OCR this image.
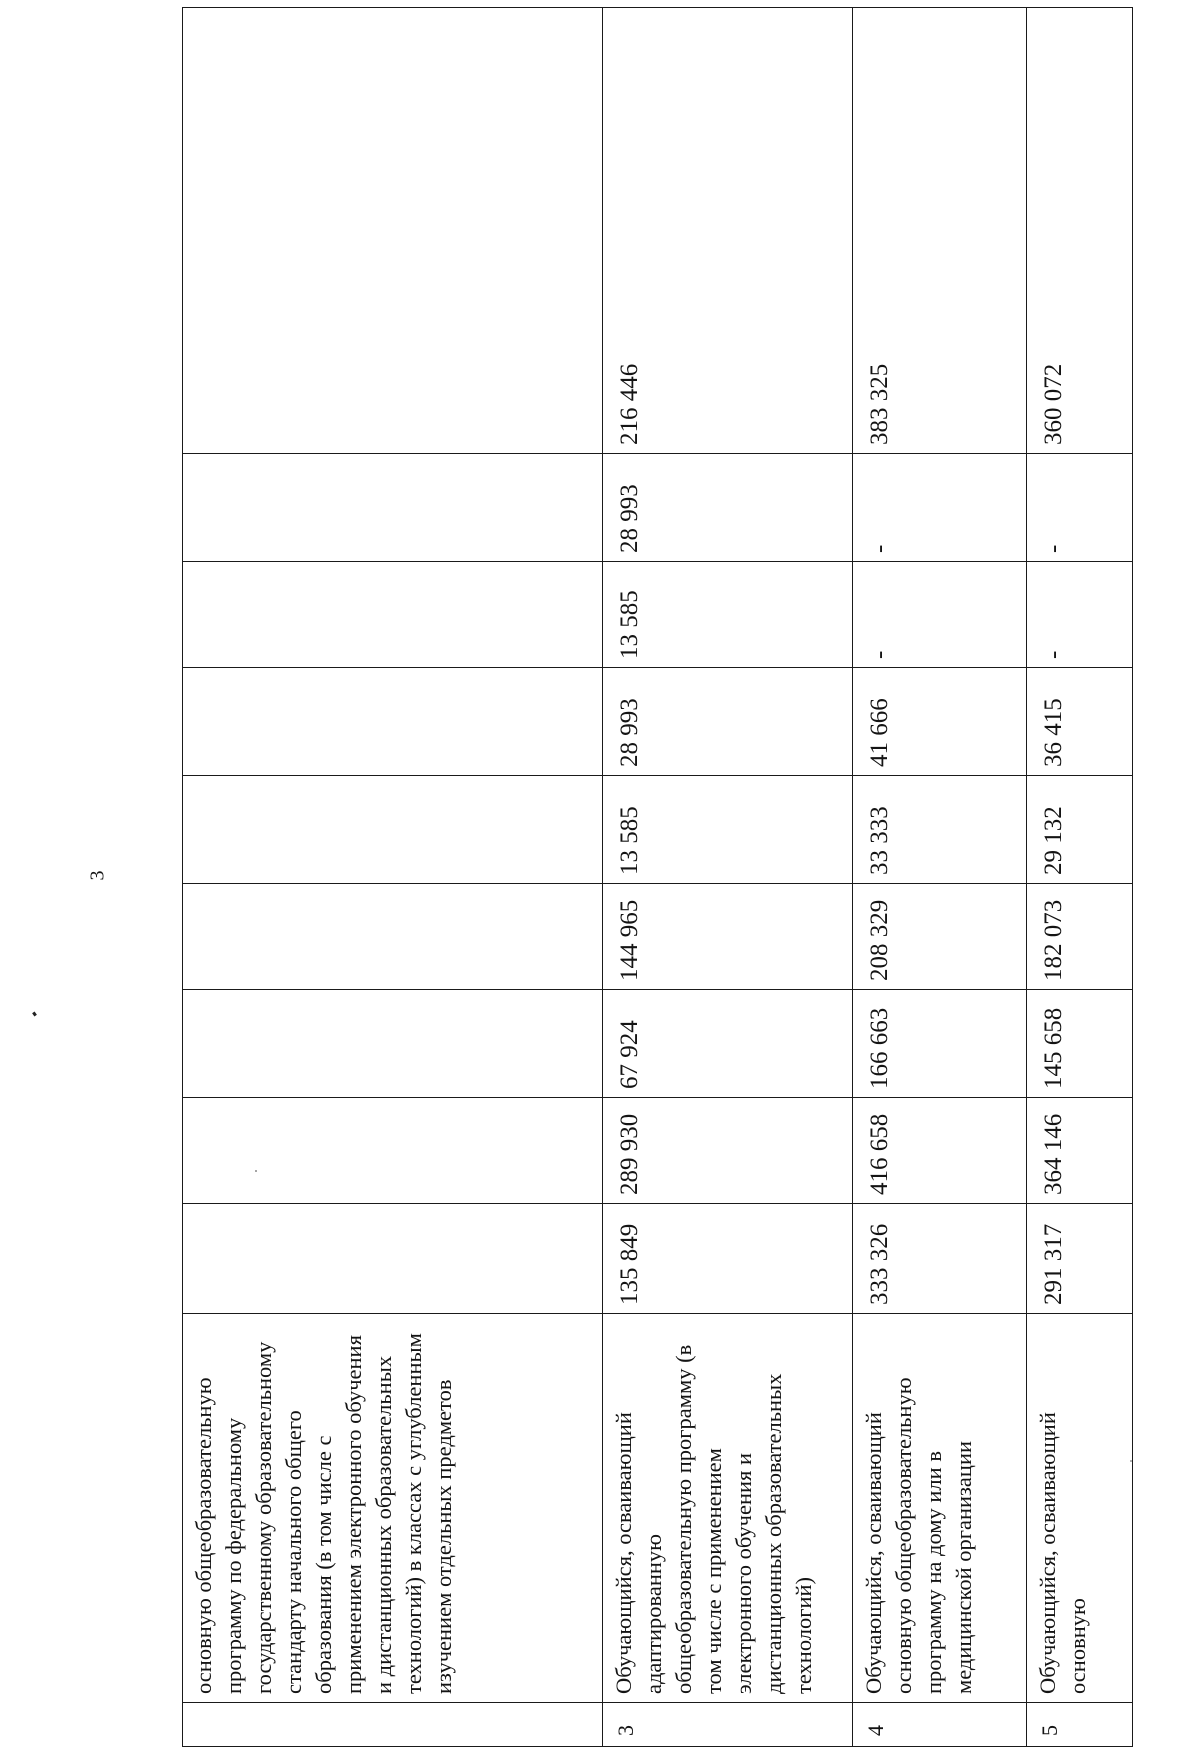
3
	основную общеобразовательную программу по федеральному государственному образовательному стандарту начального общего образования (в том числе с применением электронного обучения и дистанционных образовательных технологий) в классах с углубленным изучением отдельных предметов									
3	Обучающийся, осваивающий адаптированную общеобразовательную программу (в том числе с применением электронного обучения и дистанционных образовательных технологий)	135 849	289 930	67 924	144 965	13 585	28 993	13 585	28 993	216 446
4	Обучающийся, осваивающий основную общеобразовательную программу на дому или в медицинской организации	333 326	416 658	166 663	208 329	33 333	41 666	-	-	383 325
5	Обучающийся, осваивающий основную	291 317	364 146	145 658	182 073	29 132	36 415	-	-	360 072
